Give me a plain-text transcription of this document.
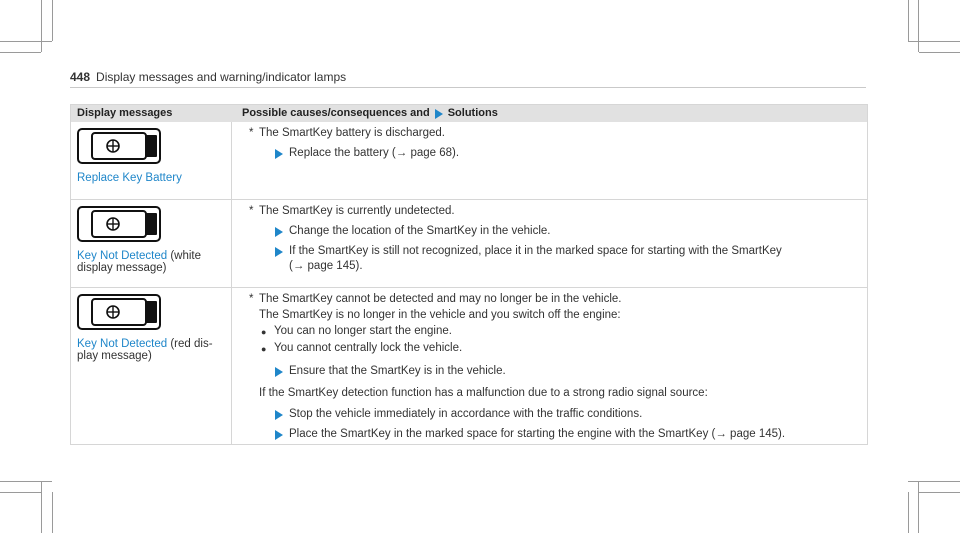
448 Display messages and warning/indicator lamps
Display messages	Possible causes/consequences and Solutions
Replace Key Battery
* The SmartKey battery is discharged.
Replace the battery (→ page 68).
Key Not Detected (white
display message)
* The SmartKey is currently undetected.
Change the location of the SmartKey in the vehicle.
If the SmartKey is still not recognized, place it in the marked space for starting with the SmartKey
(→ page 145).
Key Not Detected (red dis-
play message)
* The SmartKey cannot be detected and may no longer be in the vehicle.
The SmartKey is no longer in the vehicle and you switch off the engine:
● You can no longer start the engine.
● You cannot centrally lock the vehicle.
Ensure that the SmartKey is in the vehicle.
If the SmartKey detection function has a malfunction due to a strong radio signal source:
Stop the vehicle immediately in accordance with the traffic conditions.
Place the SmartKey in the marked space for starting the engine with the SmartKey (→ page 145).
